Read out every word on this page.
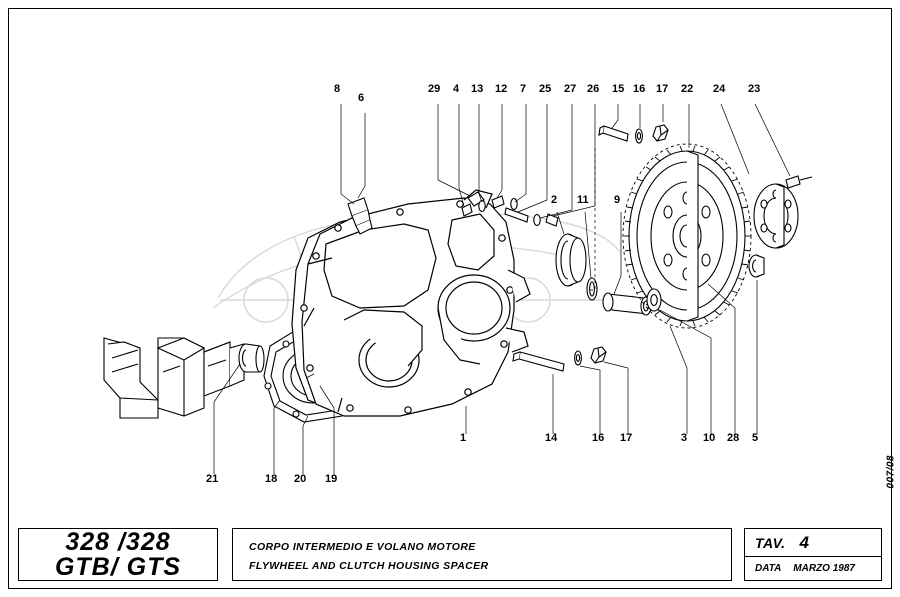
8
6
29 4 13 12 7 25 27 26 15 16 17 22 24 23
2 11 9
1	14	16 17	3 10 28 5
21	18 20 19	007/08
328 /328
GTB/ GTS
CORPO INTERMEDIO E VOLANO MOTORE
FLYWHEEL AND CLUTCH HOUSING SPACER
TAV. 4
DATA MARZO 1987
